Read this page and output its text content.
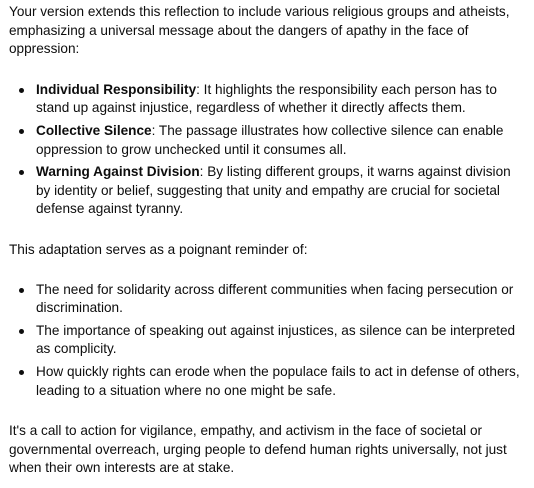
Your version extends this reflection to include various religious groups and atheists, emphasizing a universal message about the dangers of apathy in the face of oppression:

Individual Responsibility: It highlights the responsibility each person has to stand up against injustice, regardless of whether it directly affects them.
Collective Silence: The passage illustrates how collective silence can enable oppression to grow unchecked until it consumes all.
Warning Against Division: By listing different groups, it warns against division by identity or belief, suggesting that unity and empathy are crucial for societal defense against tyranny.

This adaptation serves as a poignant reminder of:

The need for solidarity across different communities when facing persecution or discrimination.
The importance of speaking out against injustices, as silence can be interpreted as complicity.
How quickly rights can erode when the populace fails to act in defense of others, leading to a situation where no one might be safe.

It's a call to action for vigilance, empathy, and activism in the face of societal or governmental overreach, urging people to defend human rights universally, not just when their own interests are at stake.
